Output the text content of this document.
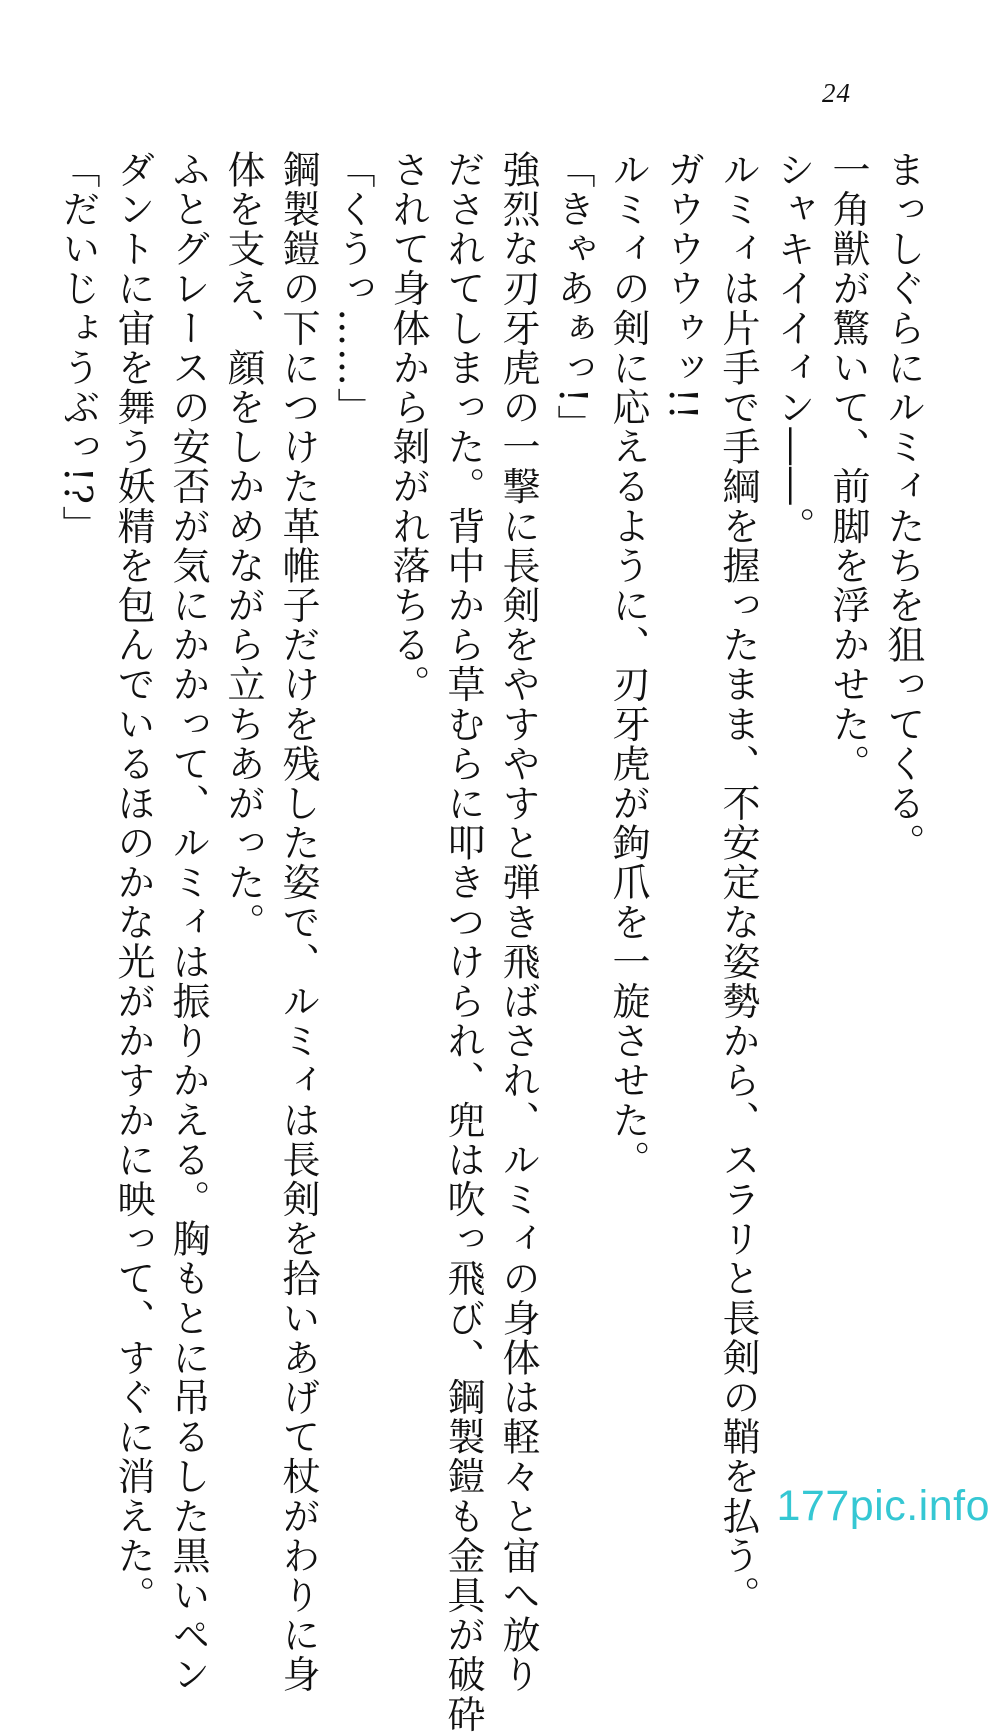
24
まっしぐらにルミィたちを狙ってくる。
一角獣が驚いて、前脚を浮かせた。
シャキイイィン――。
ルミィは片手で手綱を握ったまま、不安定な姿勢から、スラリと長剣の鞘を払う。
ガウウウゥッ!!
ルミィの剣に応えるように、刃牙虎が鉤爪を一旋させた。
「きゃあぁっ!」
強烈な刃牙虎の一撃に長剣をやすやすと弾き飛ばされ、ルミィの身体は軽々と宙へ放り
だされてしまった。背中から草むらに叩きつけられ、兜は吹っ飛び、鋼製鎧も金具が破砕
されて身体から剝がれ落ちる。
「くうっ……」
鋼製鎧の下につけた革帷子だけを残した姿で、ルミィは長剣を拾いあげて杖がわりに身
体を支え、顔をしかめながら立ちあがった。
ふとグレースの安否が気にかかって、ルミィは振りかえる。胸もとに吊るした黒いペン
ダントに宙を舞う妖精を包んでいるほのかな光がかすかに映って、すぐに消えた。
「だいじょうぶっ!?」
177pic.info
